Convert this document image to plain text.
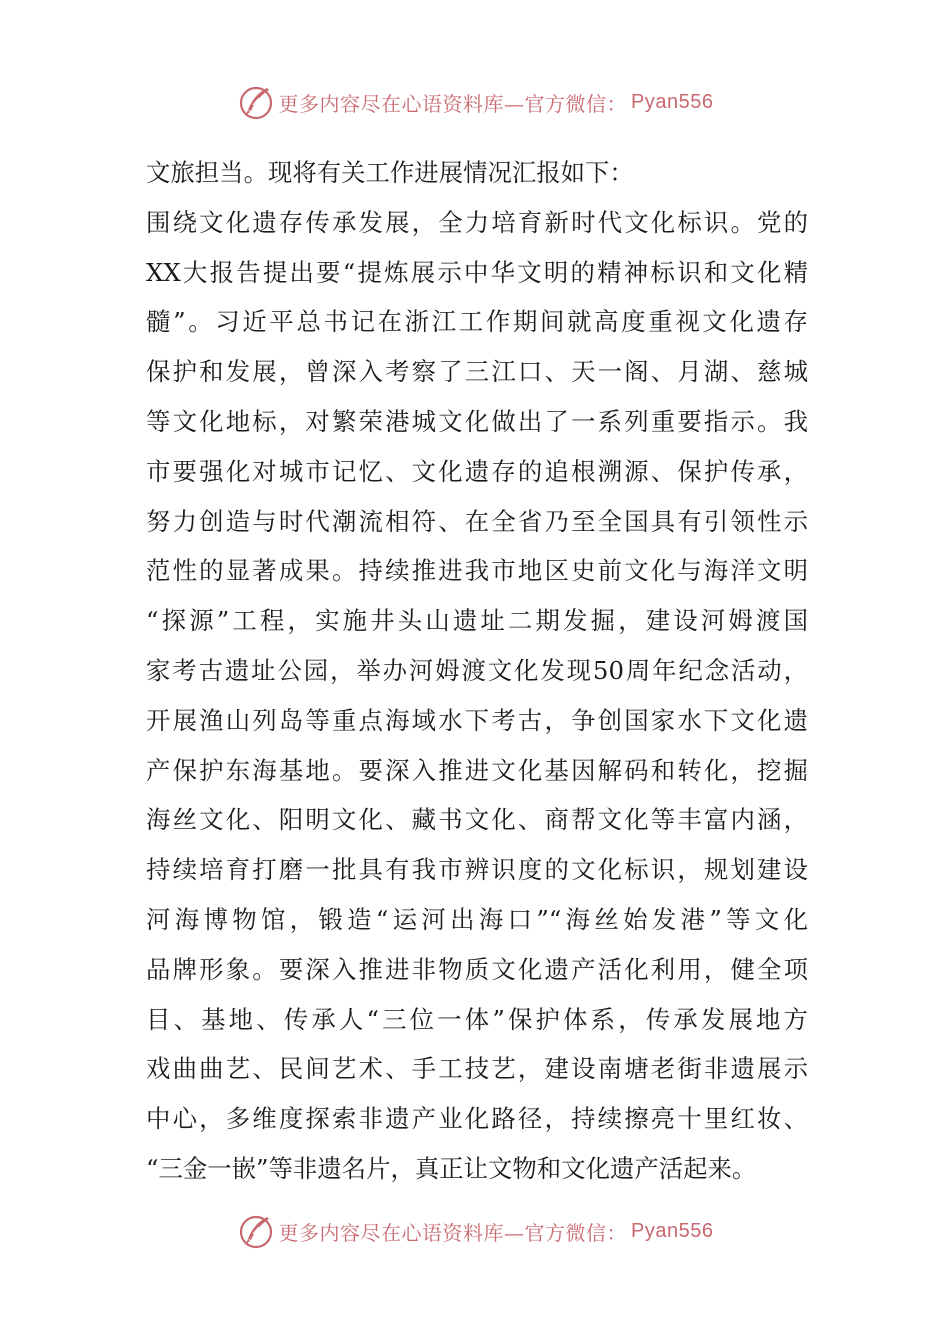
更多内容尽在心语资料库—官方微信： Pyan556
文旅担当。现将有关工作进展情况汇报如下：
围绕文化遗存传承发展，全力培育新时代文化标识。党的
XX大报告提出要“提炼展示中华文明的精神标识和文化精
髓”。习近平总书记在浙江工作期间就高度重视文化遗存
保护和发展，曾深入考察了三江口、天一阁、月湖、慈城
等文化地标，对繁荣港城文化做出了一系列重要指示。我
市要强化对城市记忆、文化遗存的追根溯源、保护传承，
努力创造与时代潮流相符、在全省乃至全国具有引领性示
范性的显著成果。持续推进我市地区史前文化与海洋文明
“探源”工程，实施井头山遗址二期发掘，建设河姆渡国
家考古遗址公园，举办河姆渡文化发现50周年纪念活动，
开展渔山列岛等重点海域水下考古，争创国家水下文化遗
产保护东海基地。要深入推进文化基因解码和转化，挖掘
海丝文化、阳明文化、藏书文化、商帮文化等丰富内涵，
持续培育打磨一批具有我市辨识度的文化标识，规划建设
河海博物馆，锻造“运河出海口”“海丝始发港”等文化
品牌形象。要深入推进非物质文化遗产活化利用，健全项
目、基地、传承人“三位一体”保护体系，传承发展地方
戏曲曲艺、民间艺术、手工技艺，建设南塘老街非遗展示
中心，多维度探索非遗产业化路径，持续擦亮十里红妆、
“三金一嵌”等非遗名片，真正让文物和文化遗产活起来。
更多内容尽在心语资料库—官方微信： Pyan556
